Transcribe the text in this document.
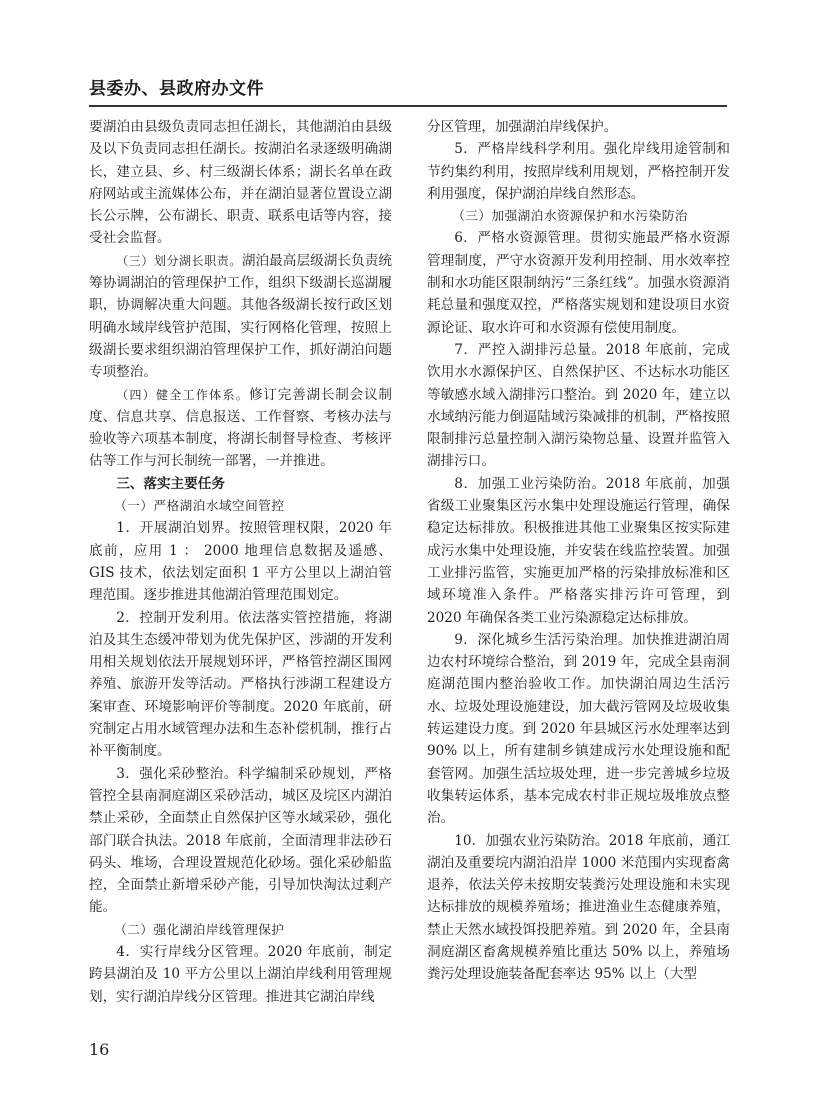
县委办、县政府办文件

要湖泊由县级负责同志担任湖长，其他湖泊由县级及以下负责同志担任湖长。按湖泊名录逐级明确湖长，建立县、乡、村三级湖长体系；湖长名单在政府网站或主流媒体公布，并在湖泊显著位置设立湖长公示牌，公布湖长、职责、联系电话等内容，接受社会监督。

（三）划分湖长职责。湖泊最高层级湖长负责统筹协调湖泊的管理保护工作，组织下级湖长巡湖履职，协调解决重大问题。其他各级湖长按行政区划明确水域岸线管护范围，实行网格化管理，按照上级湖长要求组织湖泊管理保护工作，抓好湖泊问题专项整治。

（四）健全工作体系。修订完善湖长制会议制度、信息共享、信息报送、工作督察、考核办法与验收等六项基本制度，将湖长制督导检查、考核评估等工作与河长制统一部署，一并推进。

三、落实主要任务

（一）严格湖泊水域空间管控

1．开展湖泊划界。按照管理权限，2020 年底前，应用 1 ： 2000 地理信息数据及遥感、GIS 技术，依法划定面积 1 平方公里以上湖泊管理范围。逐步推进其他湖泊管理范围划定。

2．控制开发利用。依法落实管控措施，将湖泊及其生态缓冲带划为优先保护区，涉湖的开发利用相关规划依法开展规划环评，严格管控湖区围网养殖、旅游开发等活动。严格执行涉湖工程建设方案审查、环境影响评价等制度。2020 年底前，研究制定占用水域管理办法和生态补偿机制，推行占补平衡制度。

3．强化采砂整治。科学编制采砂规划，严格管控全县南洞庭湖区采砂活动，城区及垸区内湖泊禁止采砂，全面禁止自然保护区等水域采砂，强化部门联合执法。2018 年底前，全面清理非法砂石码头、堆场，合理设置规范化砂场。强化采砂船监控，全面禁止新增采砂产能，引导加快淘汰过剩产能。

（二）强化湖泊岸线管理保护

4．实行岸线分区管理。2020 年底前，制定跨县湖泊及 10 平方公里以上湖泊岸线利用管理规划，实行湖泊岸线分区管理。推进其它湖泊岸线

分区管理，加强湖泊岸线保护。

5．严格岸线科学利用。强化岸线用途管制和节约集约利用，按照岸线利用规划，严格控制开发利用强度，保护湖泊岸线自然形态。

（三）加强湖泊水资源保护和水污染防治

6．严格水资源管理。贯彻实施最严格水资源管理制度，严守水资源开发利用控制、用水效率控制和水功能区限制纳污“三条红线”。加强水资源消耗总量和强度双控，严格落实规划和建设项目水资源论证、取水许可和水资源有偿使用制度。

7．严控入湖排污总量。2018 年底前，完成饮用水水源保护区、自然保护区、不达标水功能区等敏感水域入湖排污口整治。到 2020 年，建立以水域纳污能力倒逼陆域污染减排的机制，严格按照限制排污总量控制入湖污染物总量、设置并监管入湖排污口。

8．加强工业污染防治。2018 年底前，加强省级工业聚集区污水集中处理设施运行管理，确保稳定达标排放。积极推进其他工业聚集区按实际建成污水集中处理设施，并安装在线监控装置。加强工业排污监管，实施更加严格的污染排放标准和区域环境准入条件。严格落实排污许可管理，到 2020 年确保各类工业污染源稳定达标排放。

9．深化城乡生活污染治理。加快推进湖泊周边农村环境综合整治，到 2019 年，完成全县南洞庭湖范围内整治验收工作。加快湖泊周边生活污水、垃圾处理设施建设，加大截污管网及垃圾收集转运建设力度。到 2020 年县城区污水处理率达到 90% 以上，所有建制乡镇建成污水处理设施和配套管网。加强生活垃圾处理，进一步完善城乡垃圾收集转运体系，基本完成农村非正规垃圾堆放点整治。

10．加强农业污染防治。2018 年底前，通江湖泊及重要垸内湖泊沿岸 1000 米范围内实现畜禽退养，依法关停未按期安装粪污处理设施和未实现达标排放的规模养殖场；推进渔业生态健康养殖，禁止天然水域投饵投肥养殖。到 2020 年，全县南洞庭湖区畜禽规模养殖比重达 50% 以上，养殖场粪污处理设施装备配套率达 95% 以上（大型

16
